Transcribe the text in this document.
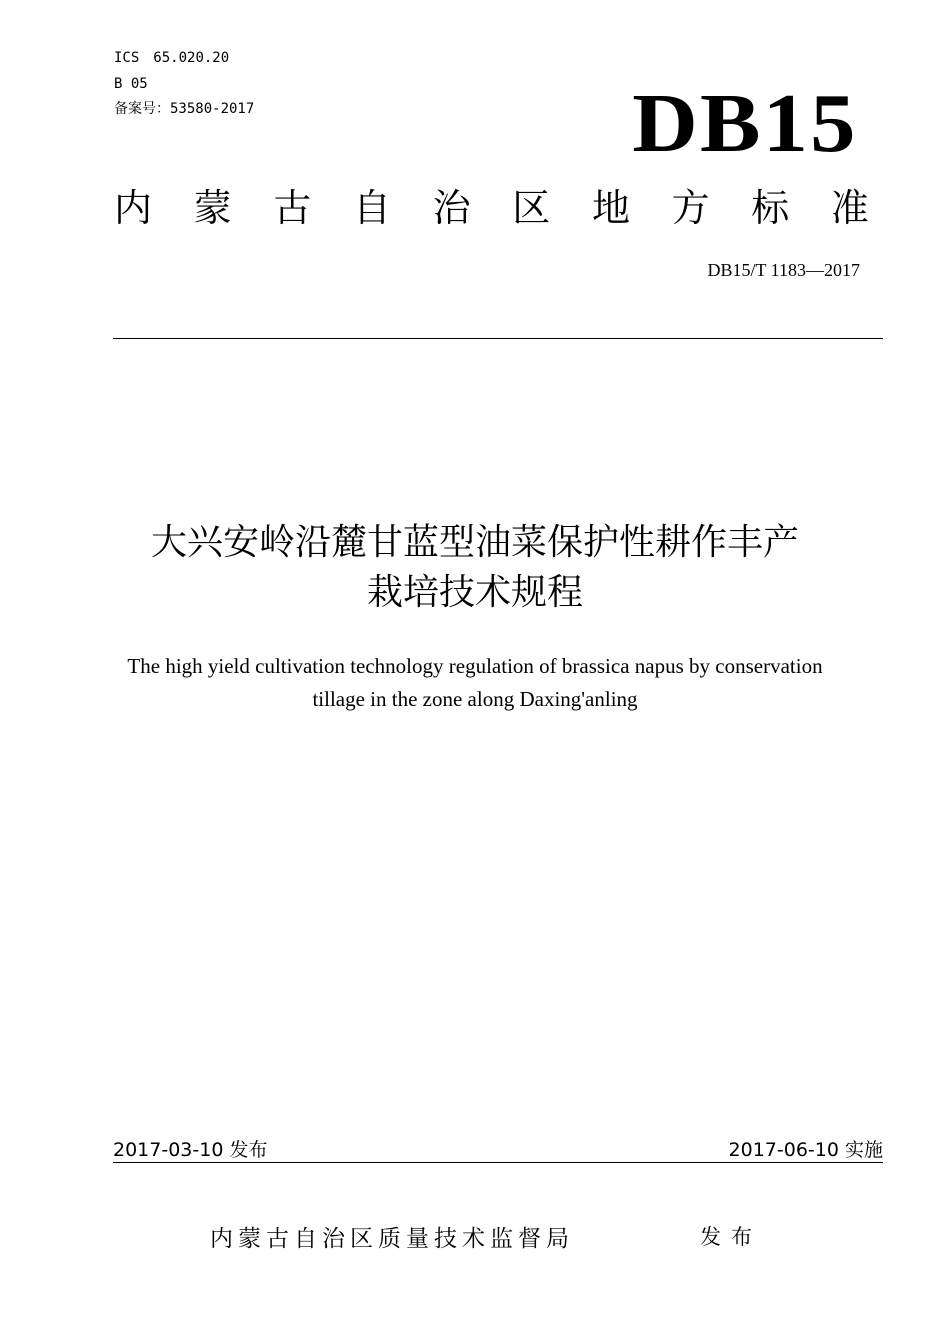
ICS 65.020.20
B 05
备案号：53580-2017	DB15
内 蒙 古 自 治 区 地 方 标 准
DB15/T 1183—2017
大兴安岭沿麓甘蓝型油菜保护性耕作丰产
栽培技术规程
The high yield cultivation technology regulation of brassica napus by conservation
tillage in the zone along Daxing'anling
2017-03-10 发布	2017-06-10 实施
内蒙古自治区质量技术监督局	发布
